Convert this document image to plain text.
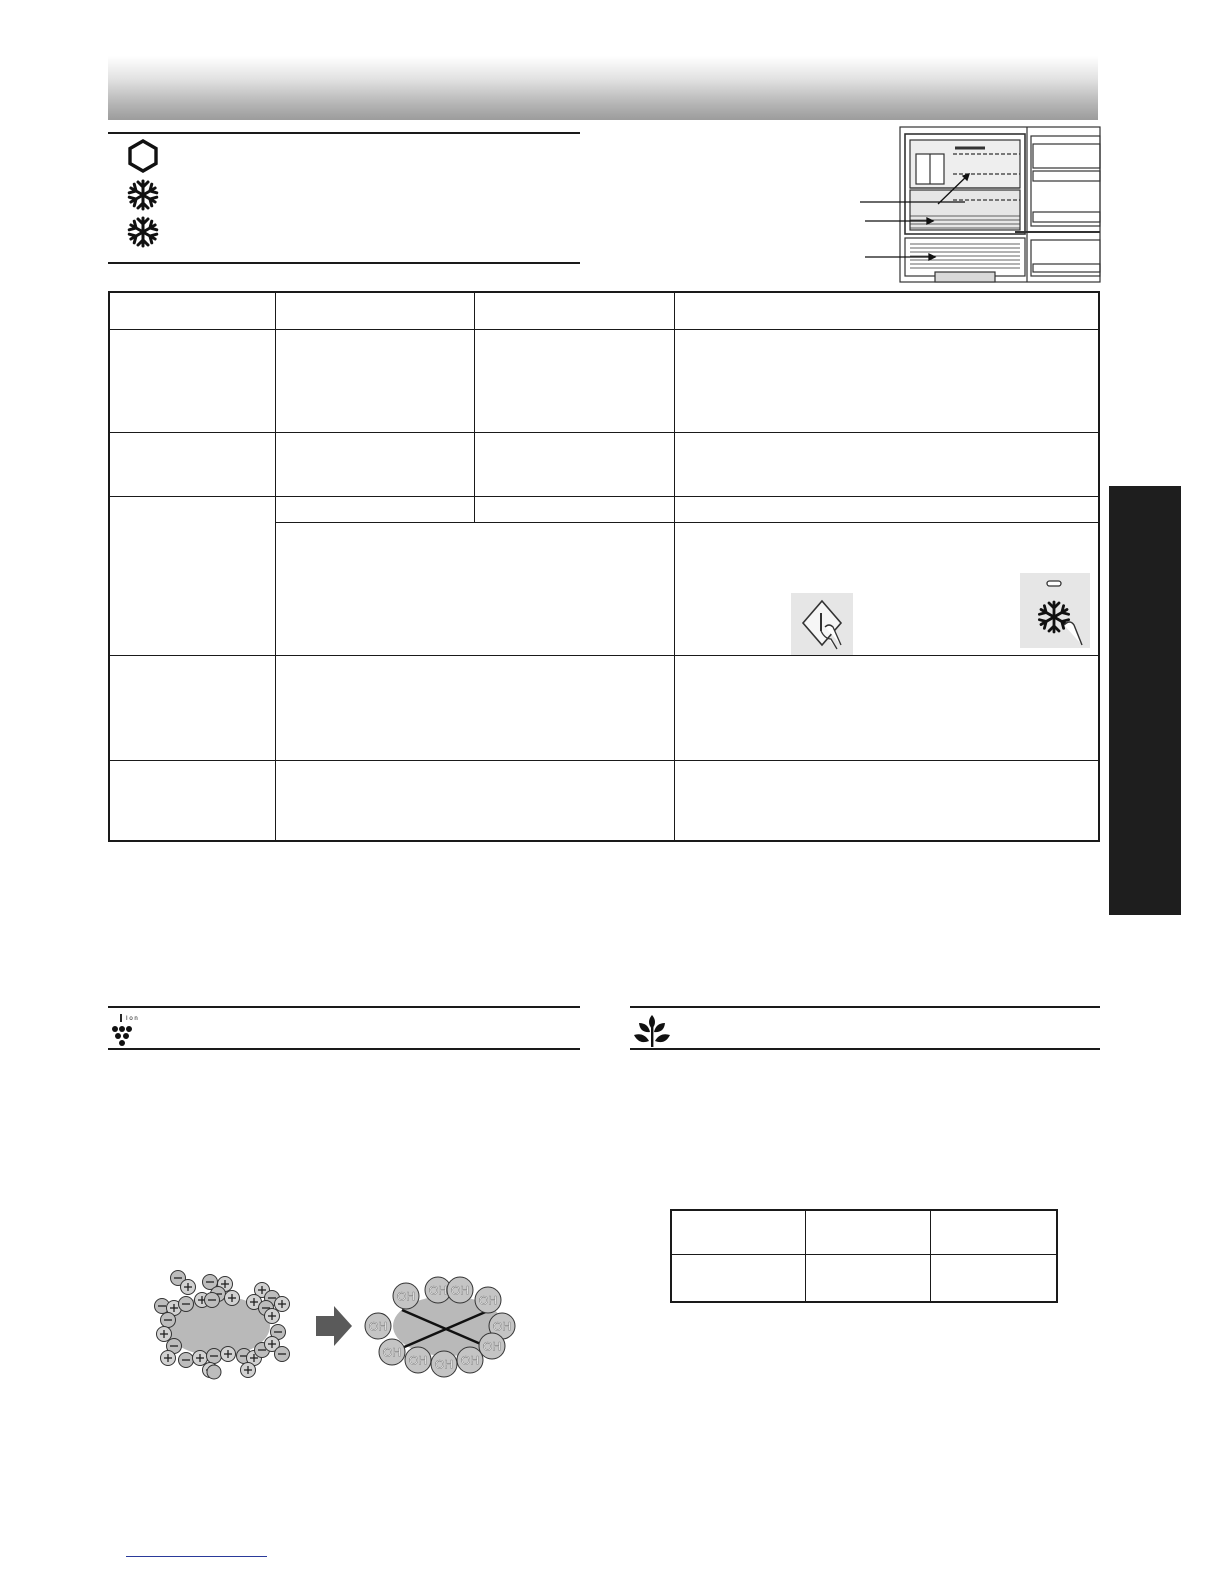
I o n

OH
